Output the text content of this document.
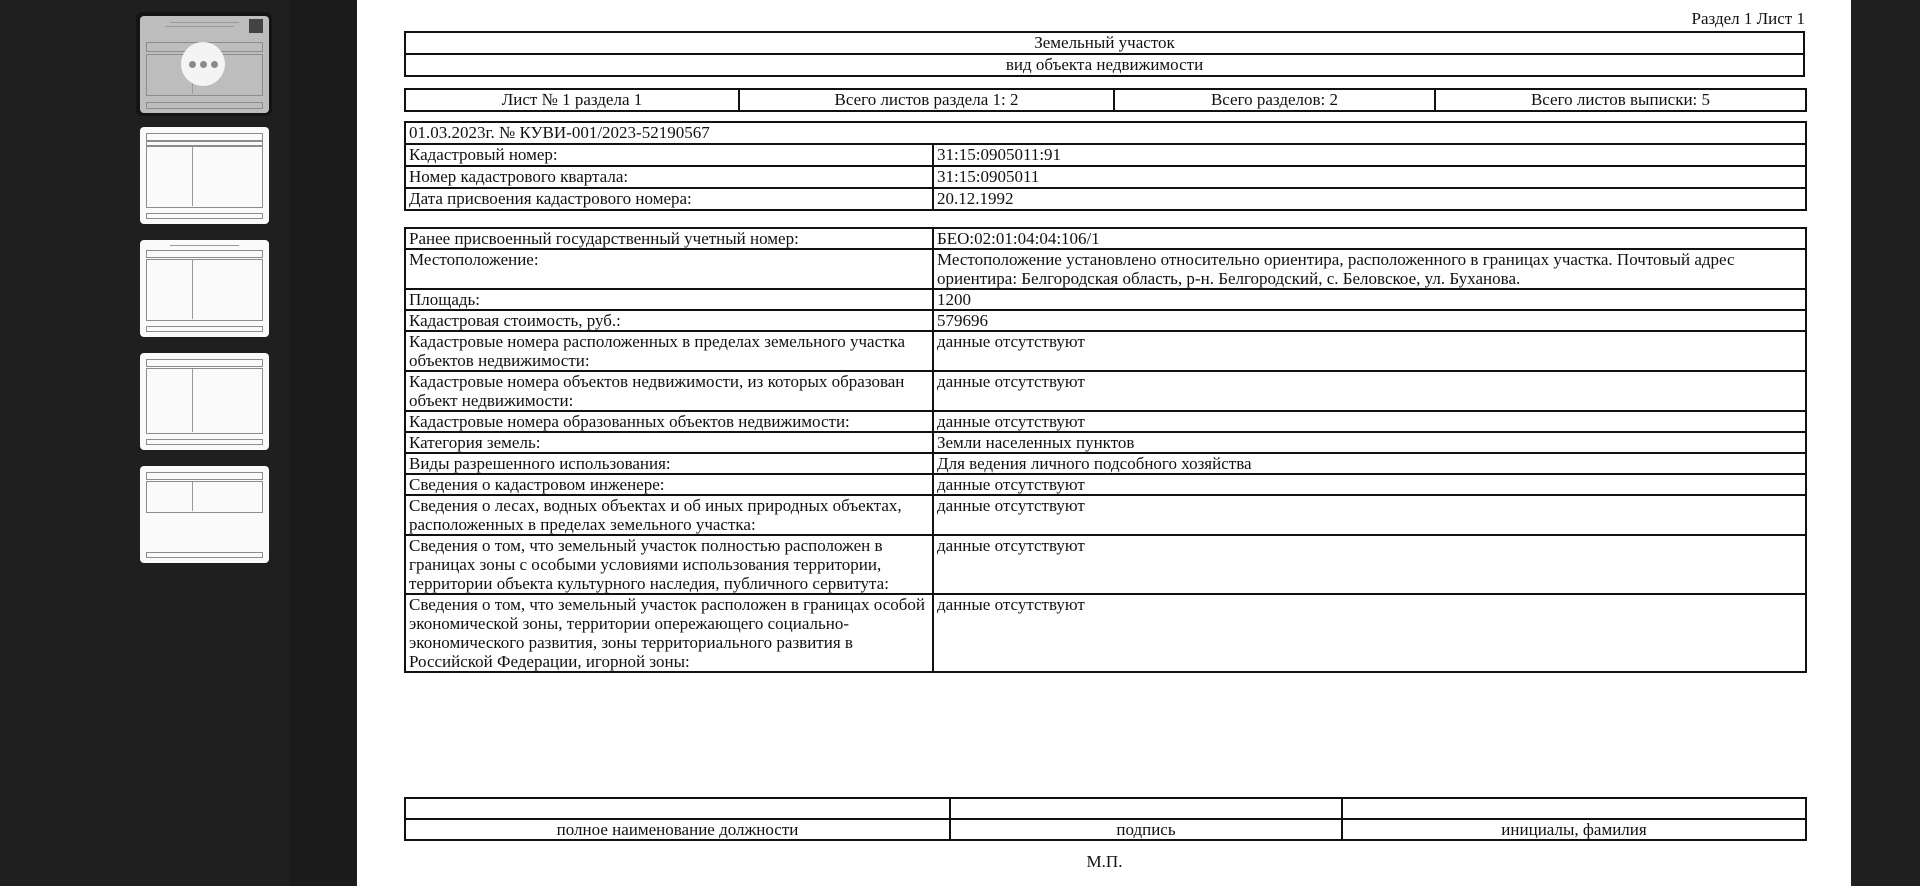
Раздел 1 Лист 1
Земельный участок
вид объекта недвижимости
Лист № 1 раздела 1	Всего листов раздела 1: 2	Всего разделов: 2	Всего листов выписки: 5
01.03.2023г. № КУВИ-001/2023-52190567	
Кадастровый номер:	31:15:0905011:91
Номер кадастрового квартала:	31:15:0905011
Дата присвоения кадастрового номера:	20.12.1992
Ранее присвоенный государственный учетный номер:	БЕО:02:01:04:04:106/1
Местоположение:	Местоположение установлено относительно ориентира, расположенного в границах участка. Почтовый адрес ориентира: Белгородская область, р-н. Белгородский, с. Беловское, ул. Буханова.
Площадь:	1200
Кадастровая стоимость, руб.:	579696
Кадастровые номера расположенных в пределах земельного участка объектов недвижимости:	данные отсутствуют
Кадастровые номера объектов недвижимости, из которых образован объект недвижимости:	данные отсутствуют
Кадастровые номера образованных объектов недвижимости:	данные отсутствуют
Категория земель:	Земли населенных пунктов
Виды разрешенного использования:	Для ведения личного подсобного хозяйства
Сведения о кадастровом инженере:	данные отсутствуют
Сведения о лесах, водных объектах и об иных природных объектах, расположенных в пределах земельного участка:	данные отсутствуют
Сведения о том, что земельный участок полностью расположен в границах зоны с особыми условиями использования территории, территории объекта культурного наследия, публичного сервитута:	данные отсутствуют
Сведения о том, что земельный участок расположен в границах особой экономической зоны, территории опережающего социально-экономического развития, зоны территориального развития в Российской Федерации, игорной зоны:	данные отсутствуют

полное наименование должности	подпись	инициалы, фамилия
М.П.
